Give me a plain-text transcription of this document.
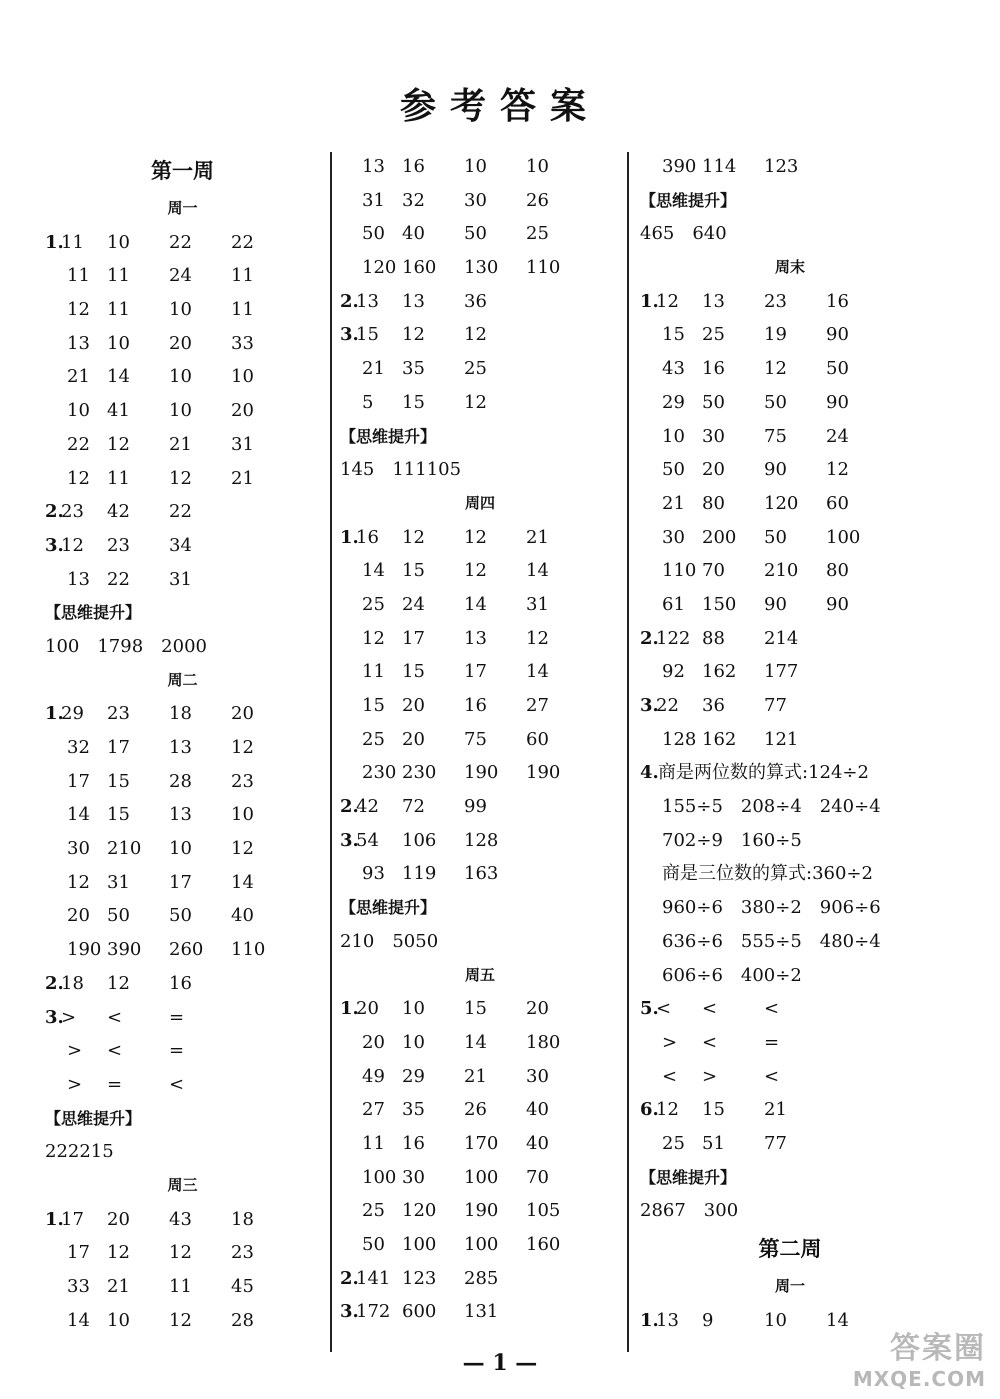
参考答案
第一周
周一
1.
11 10 22 22
11 11 24 11
12 11 10 11
13 10 20 33
21 14 10 10
10 41 10 20
22 12 21 31
12 11 12 21
2.
23 42 22
3.
12 23 34
13 22 31
【思维提升】
100　1798　2000
周二
1.
29 23 18 20
32 17 13 12
17 15 28 23
14 15 13 10
30 210 10 12
12 31 17 14
20 50 50 40
190 390 260 110
2.
18 12 16
3.
> <	=
> <	=
> =	<
【思维提升】
222215
周三
1.
17 20 43 18
17 12 12 23
33 21 11 45
14 10 12 28
13 16 10 10
31 32 30 26
50 40 50 25
120 160 130 110
2.
13 13 36
3.
15 12 12
21 35 25
5 15 12
【思维提升】
145　111105
周四
1.
16 12 12 21
14 15 12 14
25 24 14 31
12 17 13 12
11 15 17 14
15 20 16 27
25 20 75 60
230 230 190 190
2.
42 72 99
3.
54 106 128
93 119 163
【思维提升】
210　5050
周五
1.
20 10 15 20
20 10 14 180
49 29 21 30
27 35 26 40
11 16 170 40
100 30 100 70
25 120 190 105
50 100 100 160
2.
141 123 285
3.
172 600 131
390 114 123
【思维提升】
465　640
周末
1.
12 13 23 16
15 25 19 90
43 16 12 50
29 50 50 90
10 30 75 24
50 20 90 12
21 80 120 60
30 200 50 100
110 70 210 80
61 150 90 90
2.
122 88 214
92 162 177
3.
22 36 77
128 162 121
4. 商是两位数的算式:124÷2
155÷5　208÷4　240÷4
702÷9　160÷5
商是三位数的算式:360÷2
960÷6　380÷2　906÷6
636÷6　555÷5　480÷4
606÷6　400÷2
5.
< <	<
> <	=
< >	<
6.
12 15 21
25 51 77
【思维提升】
2867　300
第二周
周一
1.
13 9	10 14
— 1 —	答案圈
MXQE.COM
